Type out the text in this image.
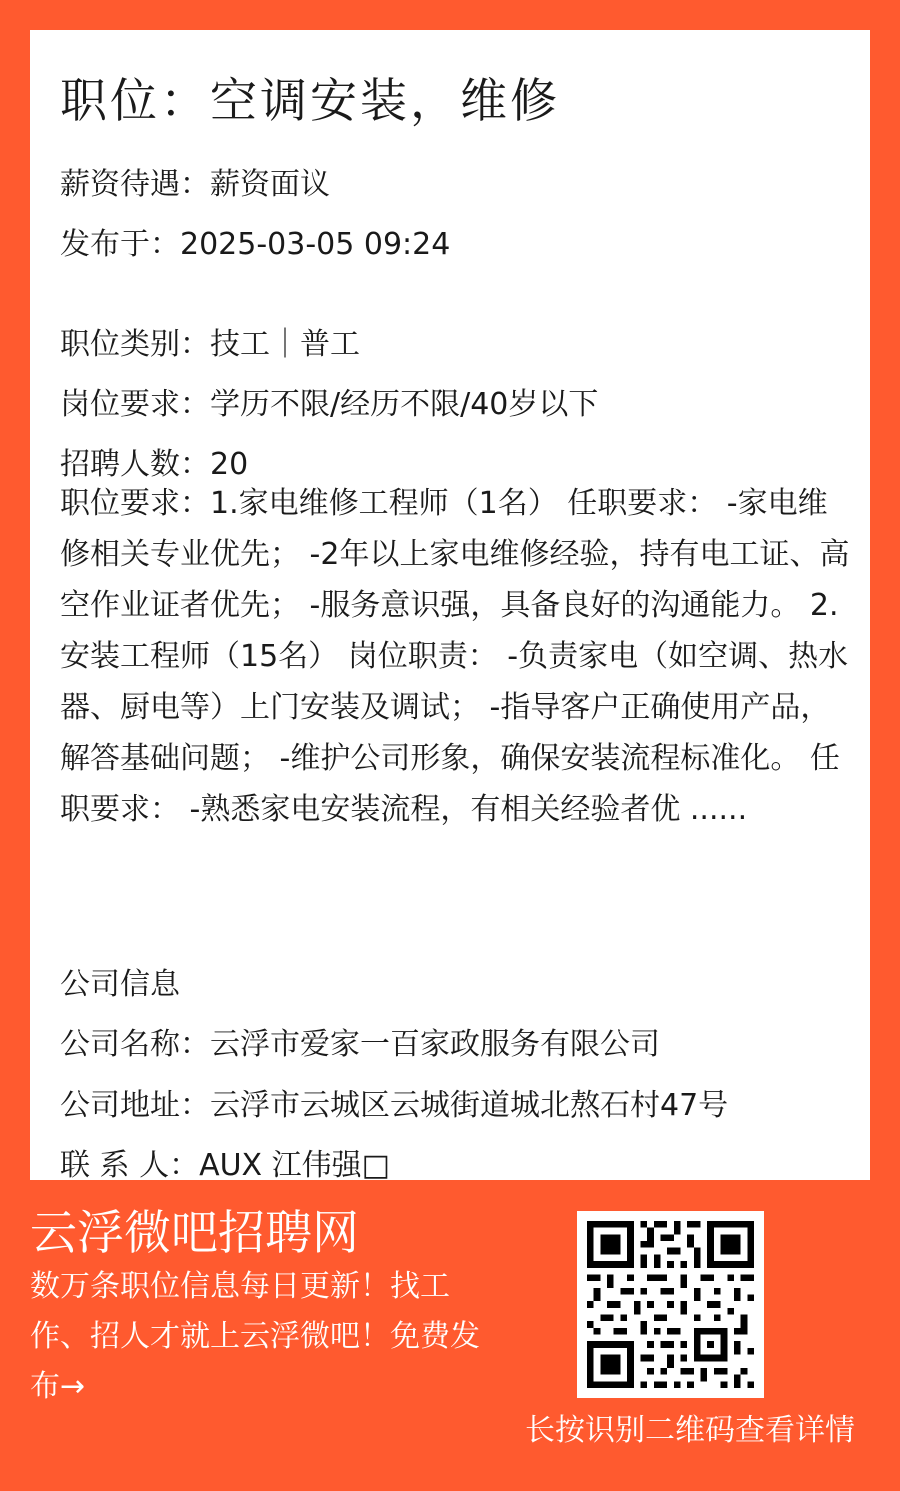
职位：空调安装，维修
薪资待遇：薪资面议
发布于：2025-03-05 09:24
职位类别：技工｜普工
岗位要求：学历不限/经历不限/40岁以下
招聘人数：20
职位要求：1.家电维修工程师（1名） 任职要求： -家电维修相关专业优先； -2年以上家电维修经验，持有电工证、高空作业证者优先； -服务意识强，具备良好的沟通能力。 2.安装工程师（15名） 岗位职责： -负责家电（如空调、热水器、厨电等）上门安装及调试； -指导客户正确使用产品，解答基础问题； -维护公司形象，确保安装流程标准化。 任职要求： -熟悉家电安装流程，有相关经验者优 ......
公司信息
公司名称：云浮市爱家一百家政服务有限公司
公司地址：云浮市云城区云城街道城北熬石村47号
联 系 人：AUX 江伟强□
云浮微吧招聘网
数万条职位信息每日更新！找工作、招人才就上云浮微吧！免费发布→
长按识别二维码查看详情
